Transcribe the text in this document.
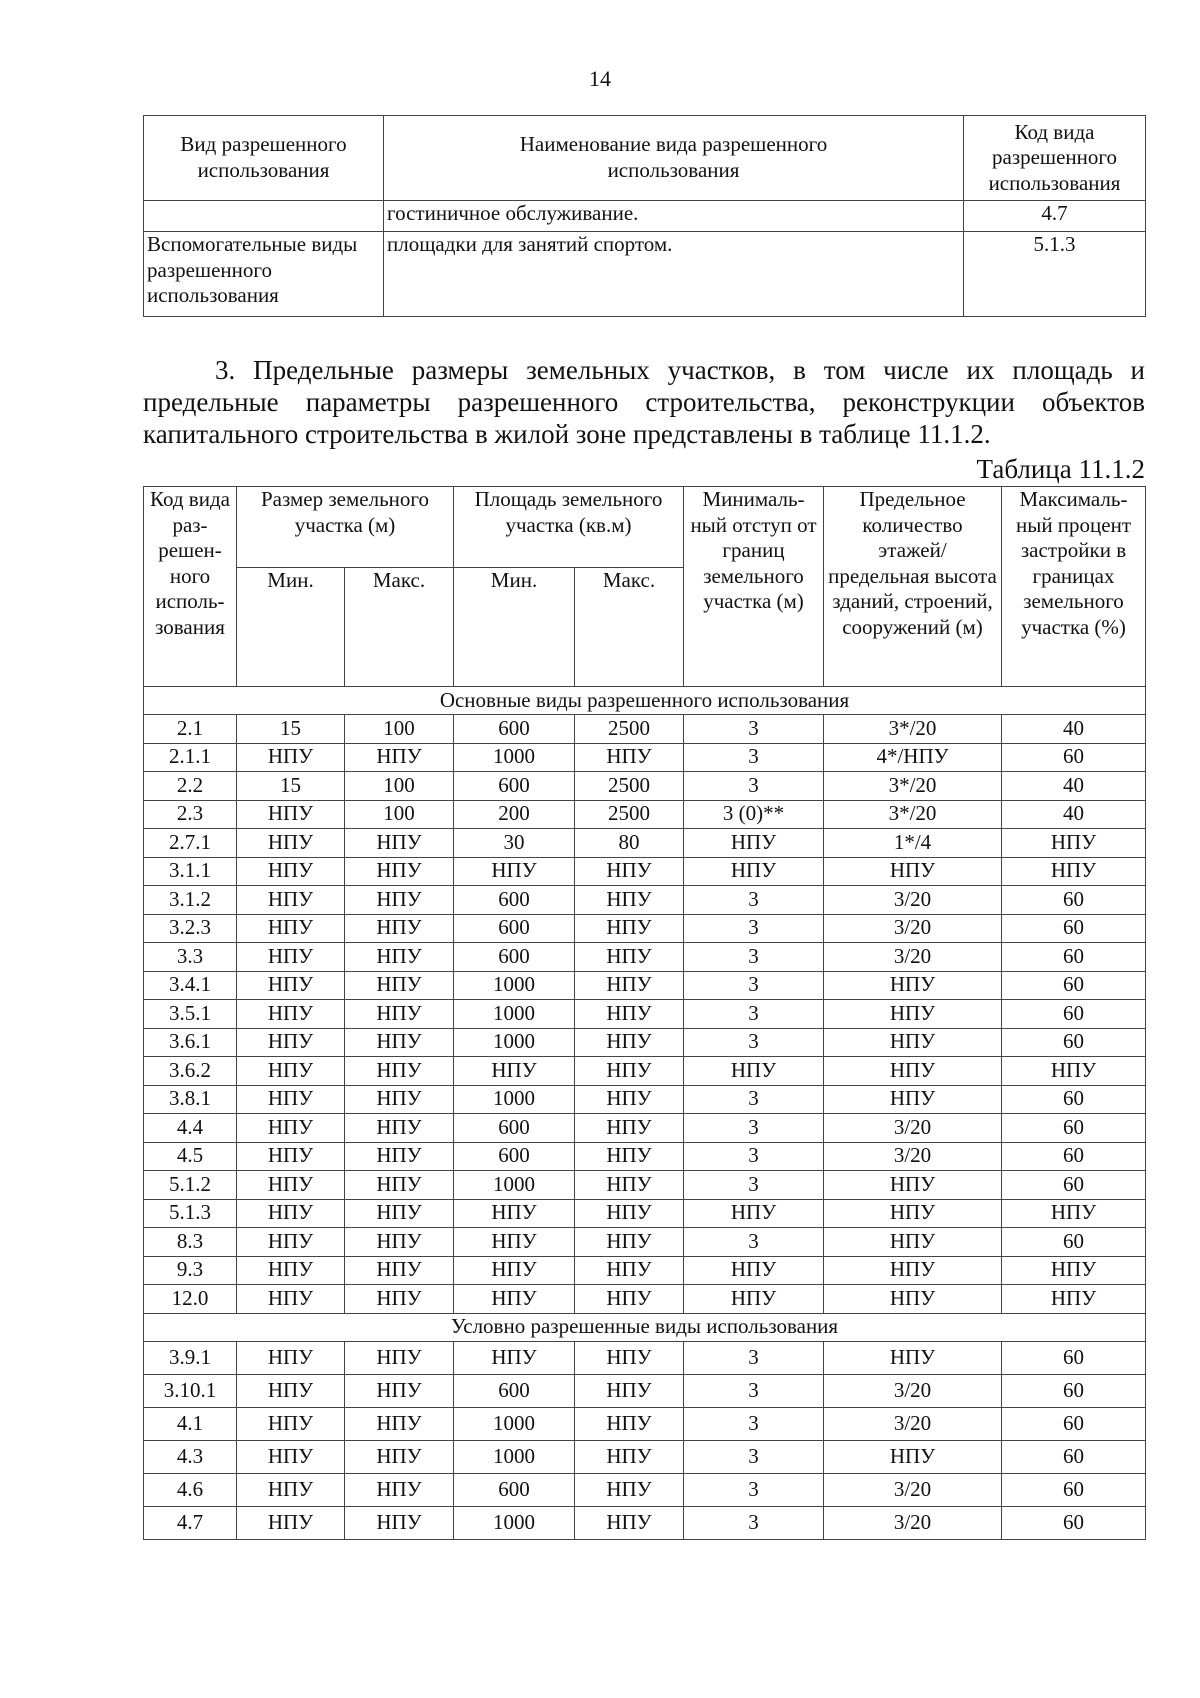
14
Вид разрешенного использования	Наименование вида разрешенного использования	Код вида разрешенного использования
	гостиничное обслуживание.	4.7
Вспомогательные виды разрешенного использования	площадки для занятий спортом.	5.1.3

3. Предельные размеры земельных участков, в том числе их площадь и предельные параметры разрешенного строительства, реконструкции объектов капитального строительства в жилой зоне представлены в таблице 11.1.2.

Таблица 11.1.2
Код вида раз-решен-ного исполь-зования	Размер земельного участка (м)		Площадь земельного участка (кв.м)		Минималь-ный отступ от границ земельного участка (м)	Предельное количество этажей/ предельная высота зданий, строений, сооружений (м)	Максималь-ный процент застройки в границах земельного участка (%)
	Мин.	Макс.	Мин.	Макс.			
Основные виды разрешенного использования							
2.1	15	100	600	2500	3	3*/20	40
2.1.1	НПУ	НПУ	1000	НПУ	3	4*/НПУ	60
2.2	15	100	600	2500	3	3*/20	40
2.3	НПУ	100	200	2500	3 (0)**	3*/20	40
2.7.1	НПУ	НПУ	30	80	НПУ	1*/4	НПУ
3.1.1	НПУ	НПУ	НПУ	НПУ	НПУ	НПУ	НПУ
3.1.2	НПУ	НПУ	600	НПУ	3	3/20	60
3.2.3	НПУ	НПУ	600	НПУ	3	3/20	60
3.3	НПУ	НПУ	600	НПУ	3	3/20	60
3.4.1	НПУ	НПУ	1000	НПУ	3	НПУ	60
3.5.1	НПУ	НПУ	1000	НПУ	3	НПУ	60
3.6.1	НПУ	НПУ	1000	НПУ	3	НПУ	60
3.6.2	НПУ	НПУ	НПУ	НПУ	НПУ	НПУ	НПУ
3.8.1	НПУ	НПУ	1000	НПУ	3	НПУ	60
4.4	НПУ	НПУ	600	НПУ	3	3/20	60
4.5	НПУ	НПУ	600	НПУ	3	3/20	60
5.1.2	НПУ	НПУ	1000	НПУ	3	НПУ	60
5.1.3	НПУ	НПУ	НПУ	НПУ	НПУ	НПУ	НПУ
8.3	НПУ	НПУ	НПУ	НПУ	3	НПУ	60
9.3	НПУ	НПУ	НПУ	НПУ	НПУ	НПУ	НПУ
12.0	НПУ	НПУ	НПУ	НПУ	НПУ	НПУ	НПУ
Условно разрешенные виды использования							
3.9.1	НПУ	НПУ	НПУ	НПУ	3	НПУ	60
3.10.1	НПУ	НПУ	600	НПУ	3	3/20	60
4.1	НПУ	НПУ	1000	НПУ	3	3/20	60
4.3	НПУ	НПУ	1000	НПУ	3	НПУ	60
4.6	НПУ	НПУ	600	НПУ	3	3/20	60
4.7	НПУ	НПУ	1000	НПУ	3	3/20	60
